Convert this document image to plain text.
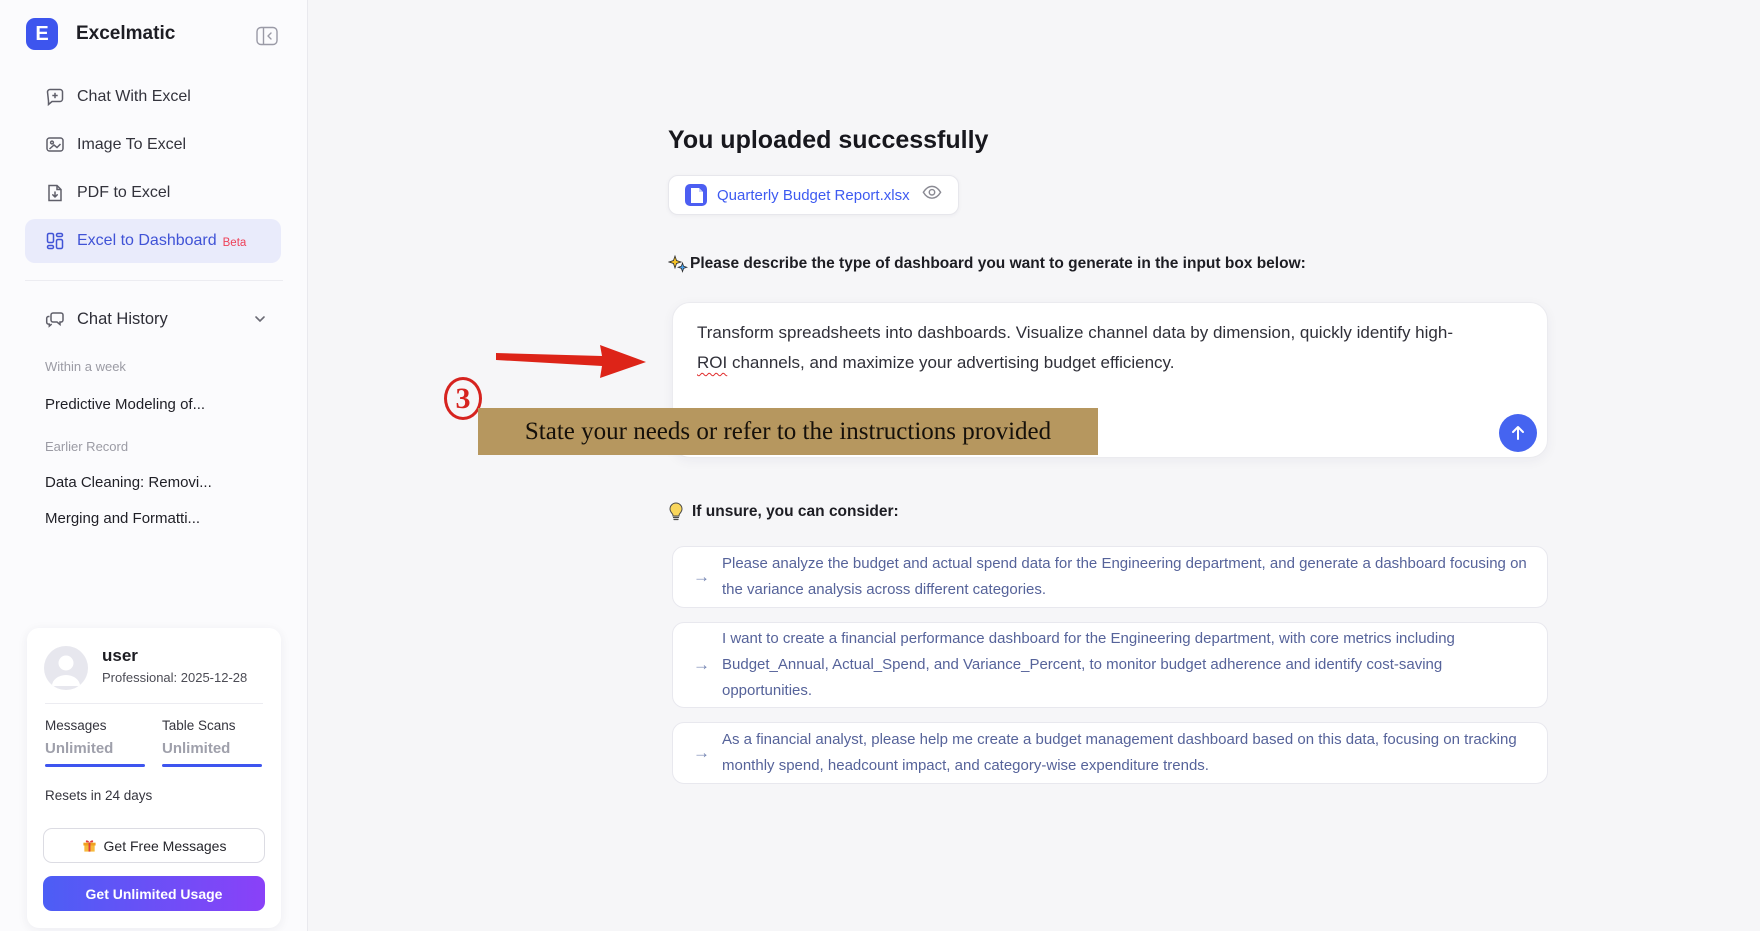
E	Excelmatic
Chat With Excel
Image To Excel
PDF to Excel
Excel to Dashboard Beta
Chat History
Within a week
Predictive Modeling of...
Earlier Record
Data Cleaning: Removi...
Merging and Formatti...
user
Professional: 2025-12-28
Messages	Table Scans
Unlimited	Unlimited
Resets in 24 days
Get Free Messages
Get Unlimited Usage
You uploaded successfully
Quarterly Budget Report.xlsx
Please describe the type of dashboard you want to generate in the input box below:
Transform spreadsheets into dashboards. Visualize channel data by dimension, quickly identify high-
ROI channels, and maximize your advertising budget efficiency.
If unsure, you can consider:
→
Please analyze the budget and actual spend data for the Engineering department, and generate a dashboard focusing on the variance analysis across different categories.
→
I want to create a financial performance dashboard for the Engineering department, with core metrics including Budget_Annual, Actual_Spend, and Variance_Percent, to monitor budget adherence and identify cost-saving opportunities.
→
As a financial analyst, please help me create a budget management dashboard based on this data, focusing on tracking monthly spend, headcount impact, and category-wise expenditure trends.
3
State your needs or refer to the instructions provided
